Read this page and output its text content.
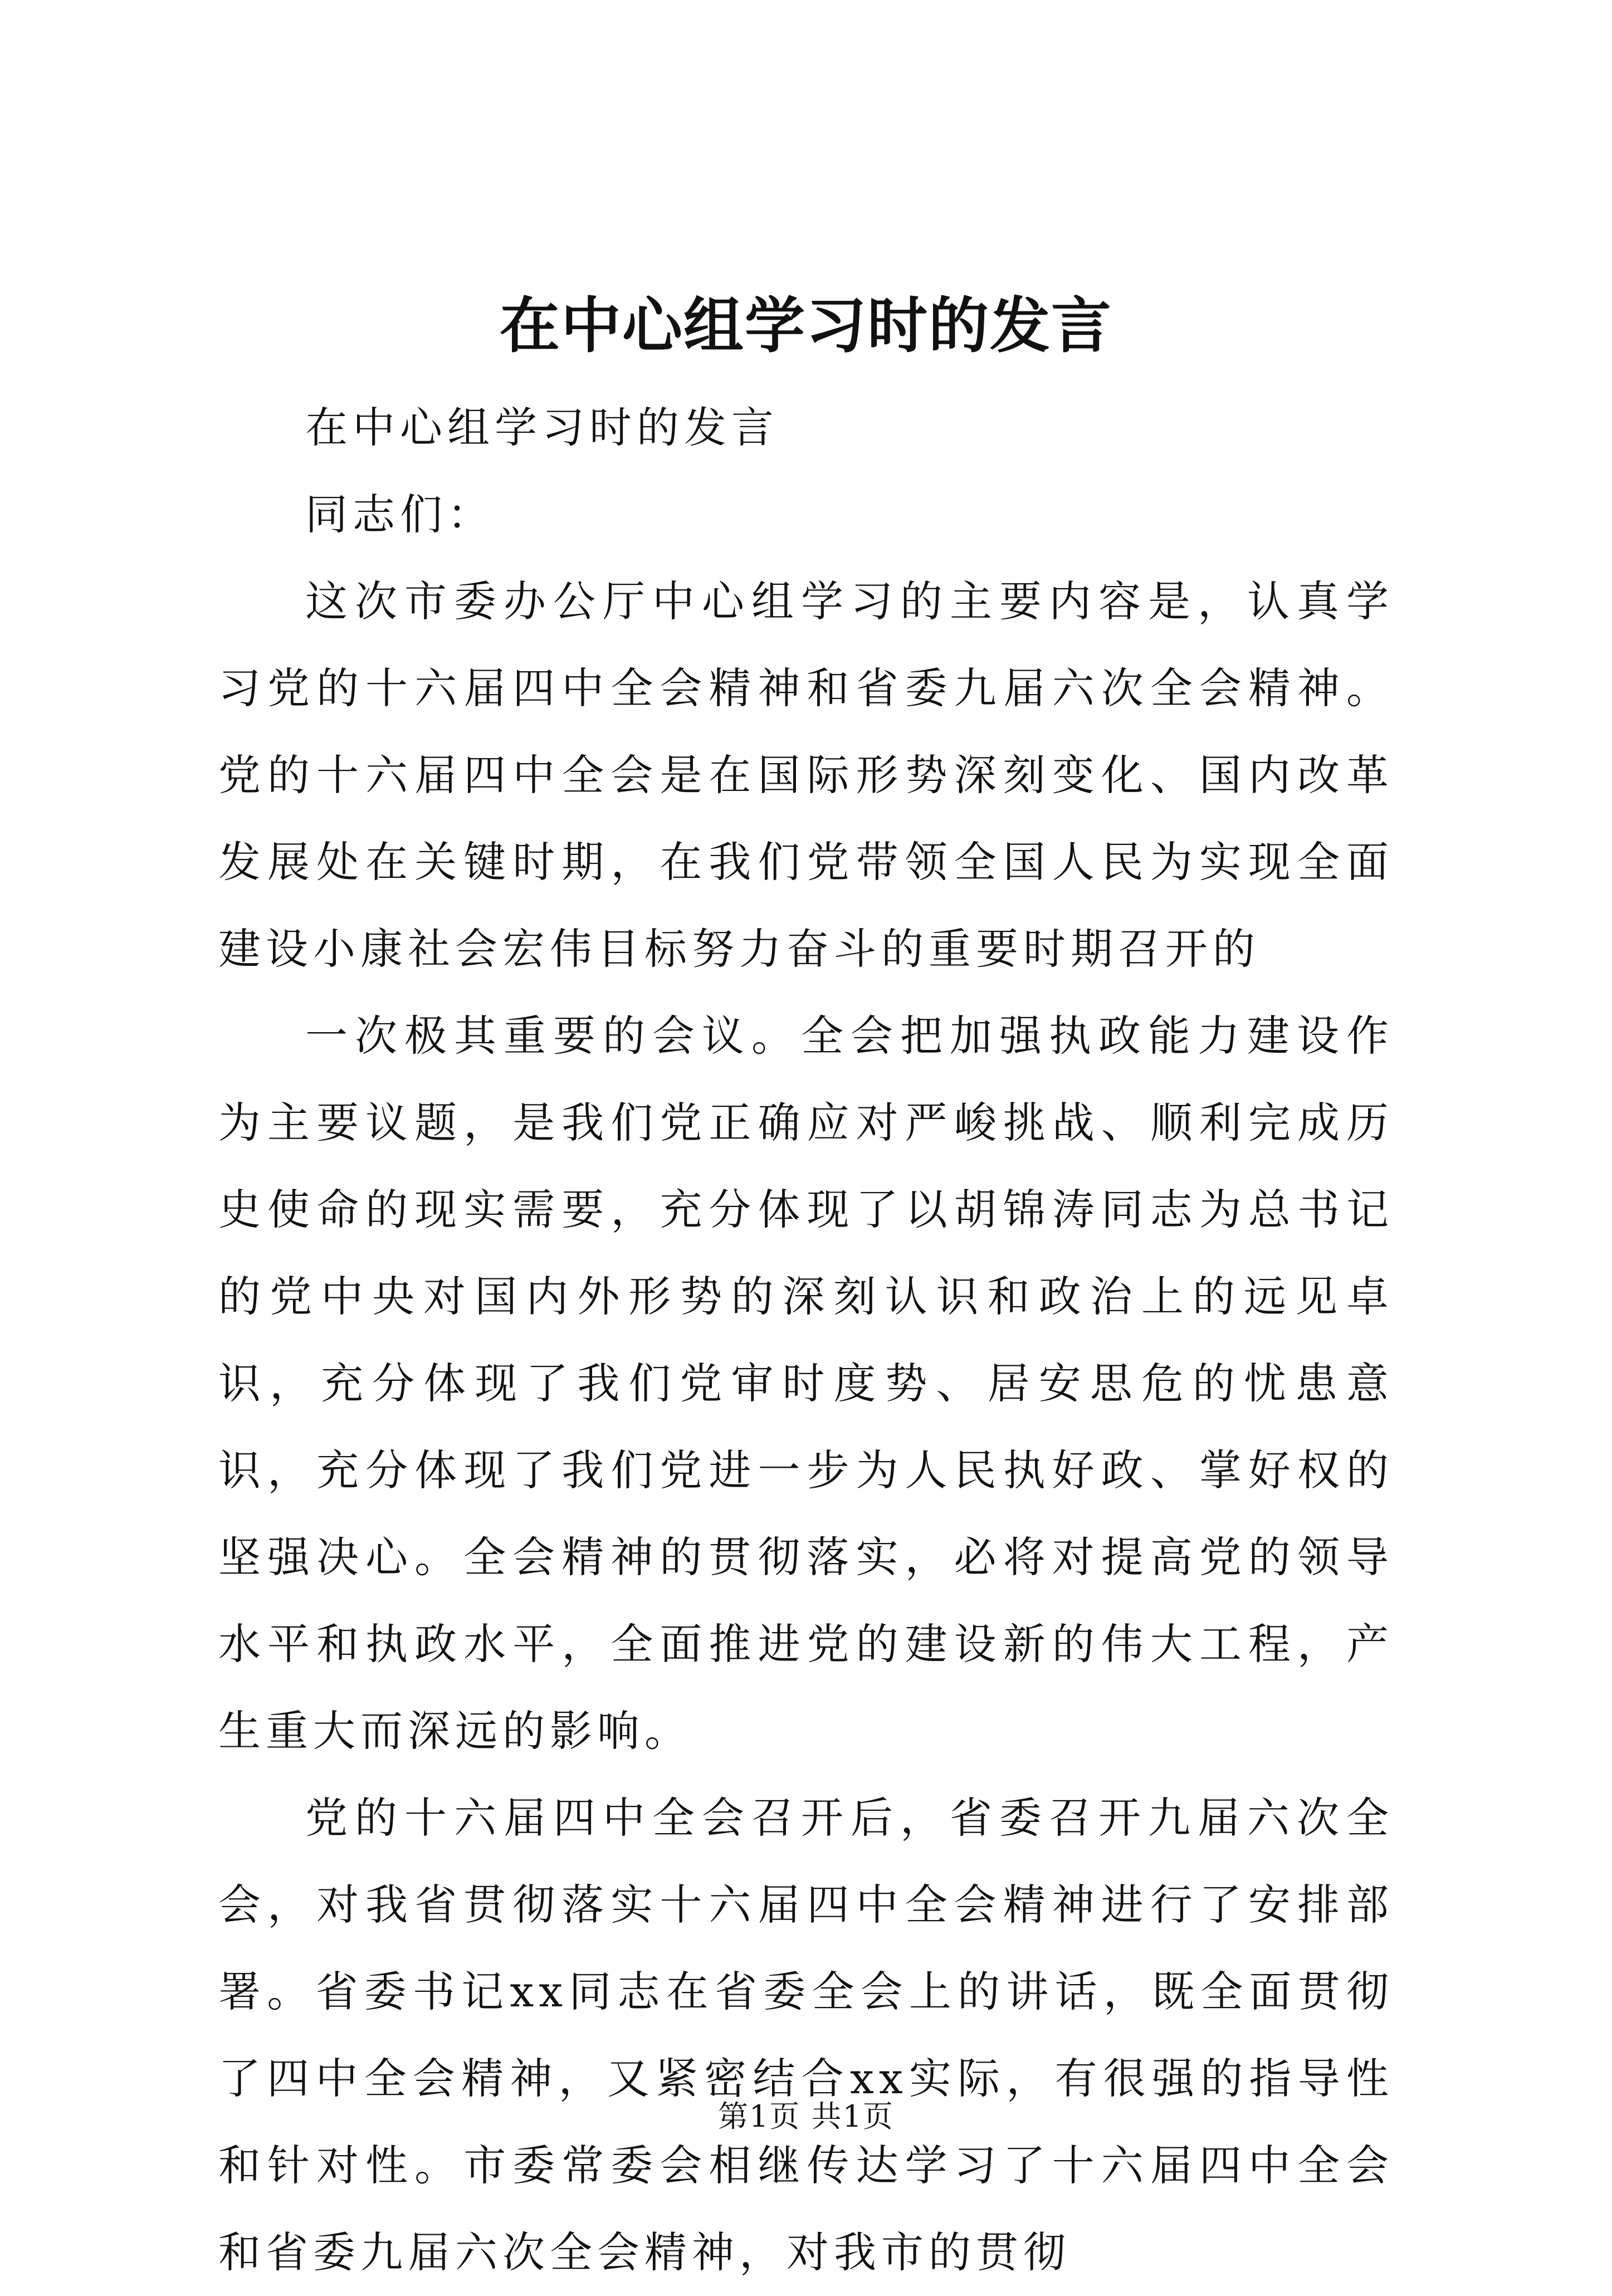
在中心组学习时的发言

在中心组学习时的发言

同志们：

这次市委办公厅中心组学习的主要内容是，认真学习党的十六届四中全会精神和省委九届六次全会精神。党的十六届四中全会是在国际形势深刻变化、国内改革发展处在关键时期，在我们党带领全国人民为实现全面建设小康社会宏伟目标努力奋斗的重要时期召开的

一次极其重要的会议。全会把加强执政能力建设作为主要议题，是我们党正确应对严峻挑战、顺利完成历史使命的现实需要，充分体现了以胡锦涛同志为总书记的党中央对国内外形势的深刻认识和政治上的远见卓识，充分体现了我们党审时度势、居安思危的忧患意识，充分体现了我们党进一步为人民执好政、掌好权的坚强决心。全会精神的贯彻落实，必将对提高党的领导水平和执政水平，全面推进党的建设新的伟大工程，产生重大而深远的影响。

党的十六届四中全会召开后，省委召开九届六次全会，对我省贯彻落实十六届四中全会精神进行了安排部署。省委书记xx同志在省委全会上的讲话，既全面贯彻了四中全会精神，又紧密结合xx实际，有很强的指导性和针对性。市委常委会相继传达学习了十六届四中全会和省委九届六次全会精神，对我市的贯彻

第1页 共1页
